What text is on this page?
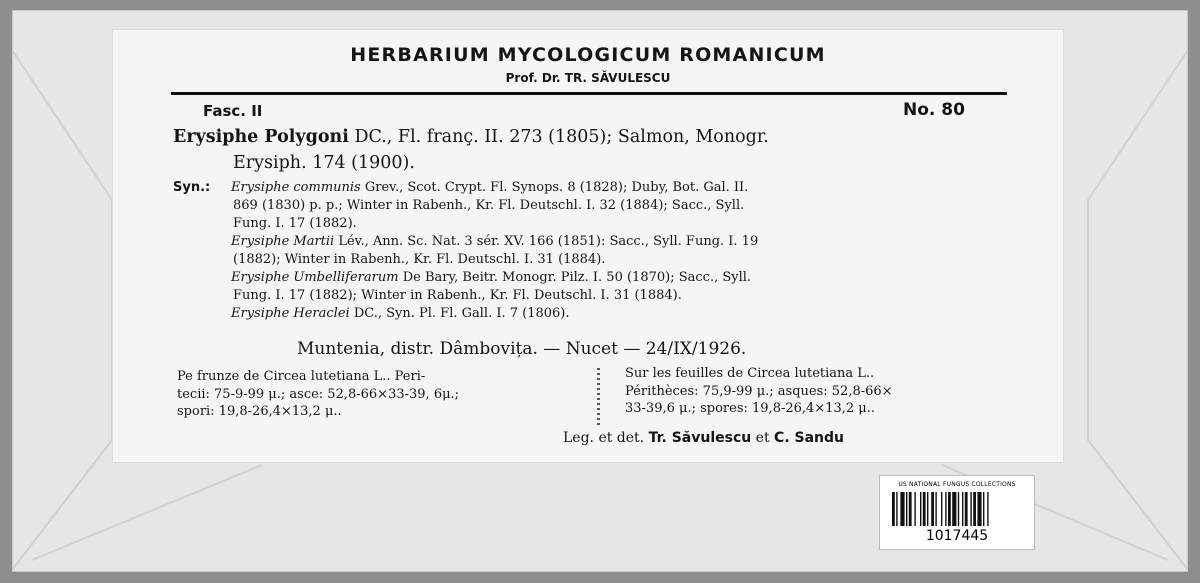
HERBARIUM MYCOLOGICUM ROMANICUM
Prof. Dr. TR. SĂVULESCU
Fasc. II	No. 80
Erysiphe Polygoni DC., Fl. franç. II. 273 (1805); Salmon, Monogr.
Erysiph. 174 (1900).
Syn.: Erysiphe communis Grev., Scot. Crypt. Fl. Synops. 8 (1828); Duby, Bot. Gal. II.
869 (1830) p. p.; Winter in Rabenh., Kr. Fl. Deutschl. I. 32 (1884); Sacc., Syll.
Fung. I. 17 (1882).
Erysiphe Martii Lév., Ann. Sc. Nat. 3 sér. XV. 166 (1851): Sacc., Syll. Fung. I. 19
(1882); Winter in Rabenh., Kr. Fl. Deutschl. I. 31 (1884).
Erysiphe Umbelliferarum De Bary, Beitr. Monogr. Pilz. I. 50 (1870); Sacc., Syll.
Fung. I. 17 (1882); Winter in Rabenh., Kr. Fl. Deutschl. I. 31 (1884).
Erysiphe Heraclei DC., Syn. Pl. Fl. Gall. I. 7 (1806).
Muntenia, distr. Dâmbovița. — Nucet — 24/IX/1926.
Pe frunze de Circea lutetiana L.. Peri-
tecii: 75-9-99 μ.; asce: 52,8-66×33-39, 6μ.;
spori: 19,8-26,4×13,2 μ..
Sur les feuilles de Circea lutetiana L..
Périthèces: 75,9-99 μ.; asques: 52,8-66×
33-39,6 μ.; spores: 19,8-26,4×13,2 μ..
Leg. et det. Tr. Săvulescu et C. Sandu
US NATIONAL FUNGUS COLLECTIONS
1017445
